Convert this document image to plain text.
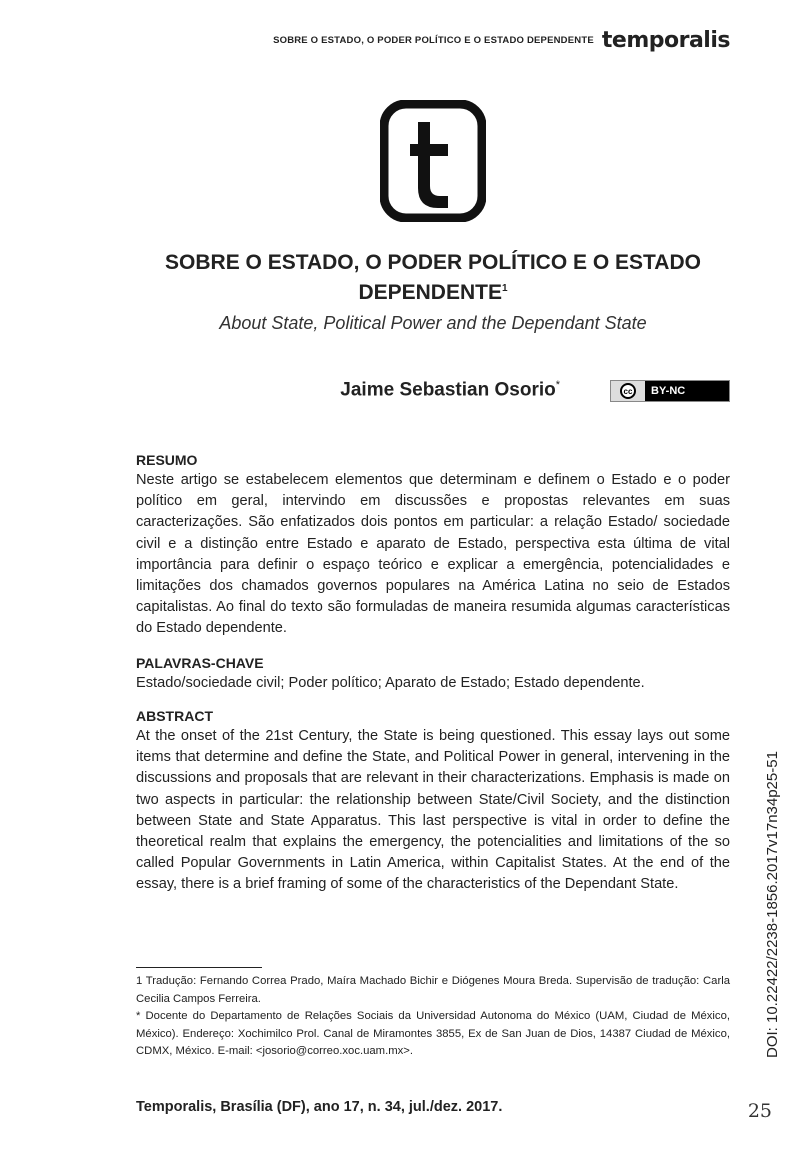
SOBRE O ESTADO, O PODER POLÍTICO E O ESTADO DEPENDENTE temporalis
SOBRE O ESTADO, O PODER POLÍTICO E O ESTADO
DEPENDENTE$^1$
About State, Political Power and the Dependant State
Jaime Sebastian Osorio*	cc	BY-NC
RESUMO
Neste artigo se estabelecem elementos que determinam e definem o Estado e o poder político em geral, intervindo em discussões e propostas relevantes em suas caracterizações. São enfatizados dois pontos em particular: a relação Estado/ sociedade civil e a distinção entre Estado e aparato de Estado, perspectiva esta última de vital importância para definir o espaço teórico e explicar a emergência, potencialidades e limitações dos chamados governos populares na América Latina no seio de Estados capitalistas. Ao final do texto são formuladas de maneira resumida algumas características do Estado dependente.
PALAVRAS-CHAVE
Estado/sociedade civil; Poder político; Aparato de Estado; Estado dependente.
ABSTRACT
At the onset of the 21st Century, the State is being questioned. This essay lays out some items that determine and define the State, and Political Power in general, intervening in the discussions and proposals that are relevant in their characterizations. Emphasis is made on two aspects in particular: the relationship between State/Civil Society, and the distinction between State and State Apparatus. This last perspective is vital in order to define the theoretical realm that explains the emergency, the potencialities and limitations of the so called Popular Governments in Latin America, within Capitalist States. At the end of the essay, there is a brief framing of some of the characteristics of the Dependant State.

1 Tradução: Fernando Correa Prado, Maíra Machado Bichir e Diógenes Moura Breda. Supervisão de tradução: Carla Cecilia Campos Ferreira.

* Docente do Departamento de Relações Sociais da Universidad Autonoma do México (UAM, Ciudad de México, México). Endereço: Xochimilco Prol. Canal de Miramontes 3855, Ex de San Juan de Dios, 14387 Ciudad de México, CDMX, México. E-mail: <josorio@correo.xoc.uam.mx>.

Temporalis, Brasília (DF), ano 17, n. 34, jul./dez. 2017.	25
DOI: 10.22422/2238-1856.2017v17n34p25-51
